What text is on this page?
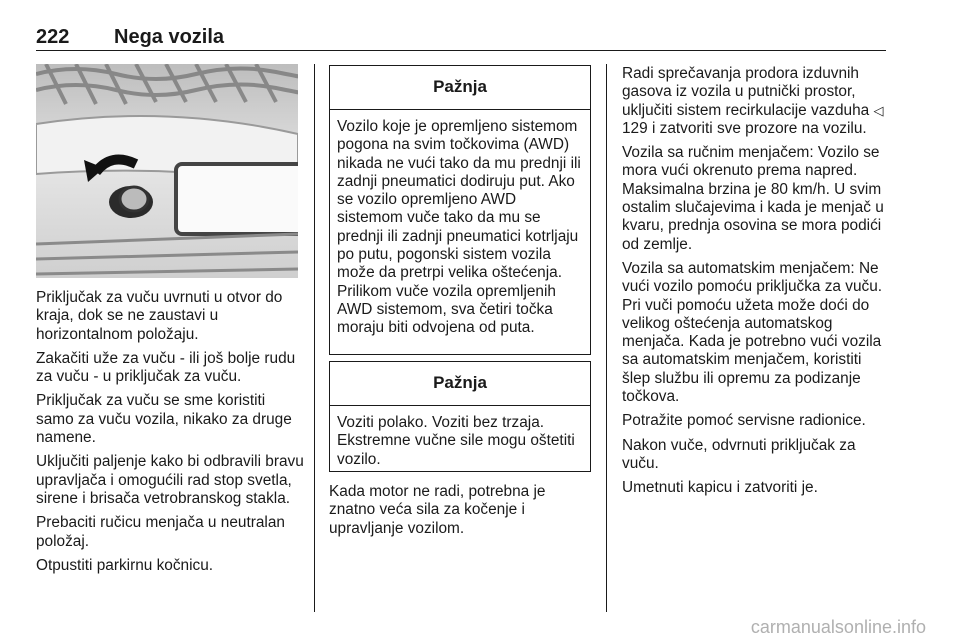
222 Nega vozila

Priključak za vuču uvrnuti u otvor do kraja, dok se ne zaustavi u horizontalnom položaju.

Zakačiti uže za vuču - ili još bolje rudu za vuču - u priključak za vuču.

Priključak za vuču se sme koristiti samo za vuču vozila, nikako za druge namene.

Uključiti paljenje kako bi odbravili bravu upravljača i omogućili rad stop svetla, sirene i brisača vetrobranskog stakla.

Prebaciti ručicu menjača u neutralan položaj.

Otpustiti parkirnu kočnicu.

Pažnja
Vozilo koje je opremljeno sistemom pogona na svim točkovima (AWD) nikada ne vući tako da mu prednji ili zadnji pneumatici dodiruju put. Ako se vozilo opremljeno AWD sistemom vuče tako da mu se prednji ili zadnji pneumatici kotrljaju po putu, pogonski sistem vozila može da pretrpi velika oštećenja. Prilikom vuče vozila opremljenih AWD sistemom, sva četiri točka moraju biti odvojena od puta.
Pažnja
Voziti polako. Voziti bez trzaja. Ekstremne vučne sile mogu oštetiti vozilo.

Kada motor ne radi, potrebna je znatno veća sila za kočenje i upravljanje vozilom.

Radi sprečavanja prodora izduvnih gasova iz vozila u putnički prostor, uključiti sistem recirkulacije vazduha ◁ 129 i zatvoriti sve prozore na vozilu.

Vozila sa ručnim menjačem: Vozilo se mora vući okrenuto prema napred. Maksimalna brzina je 80 km/h. U svim ostalim slučajevima i kada je menjač u kvaru, prednja osovina se mora podići od zemlje.

Vozila sa automatskim menjačem: Ne vući vozilo pomoću priključka za vuču. Pri vuči pomoću užeta može doći do velikog oštećenja automatskog menjača. Kada je potrebno vući vozila sa automatskim menjačem, koristiti šlep službu ili opremu za podizanje točkova.

Potražite pomoć servisne radionice.

Nakon vuče, odvrnuti priključak za vuču.

Umetnuti kapicu i zatvoriti je.

carmanualsonline.info
